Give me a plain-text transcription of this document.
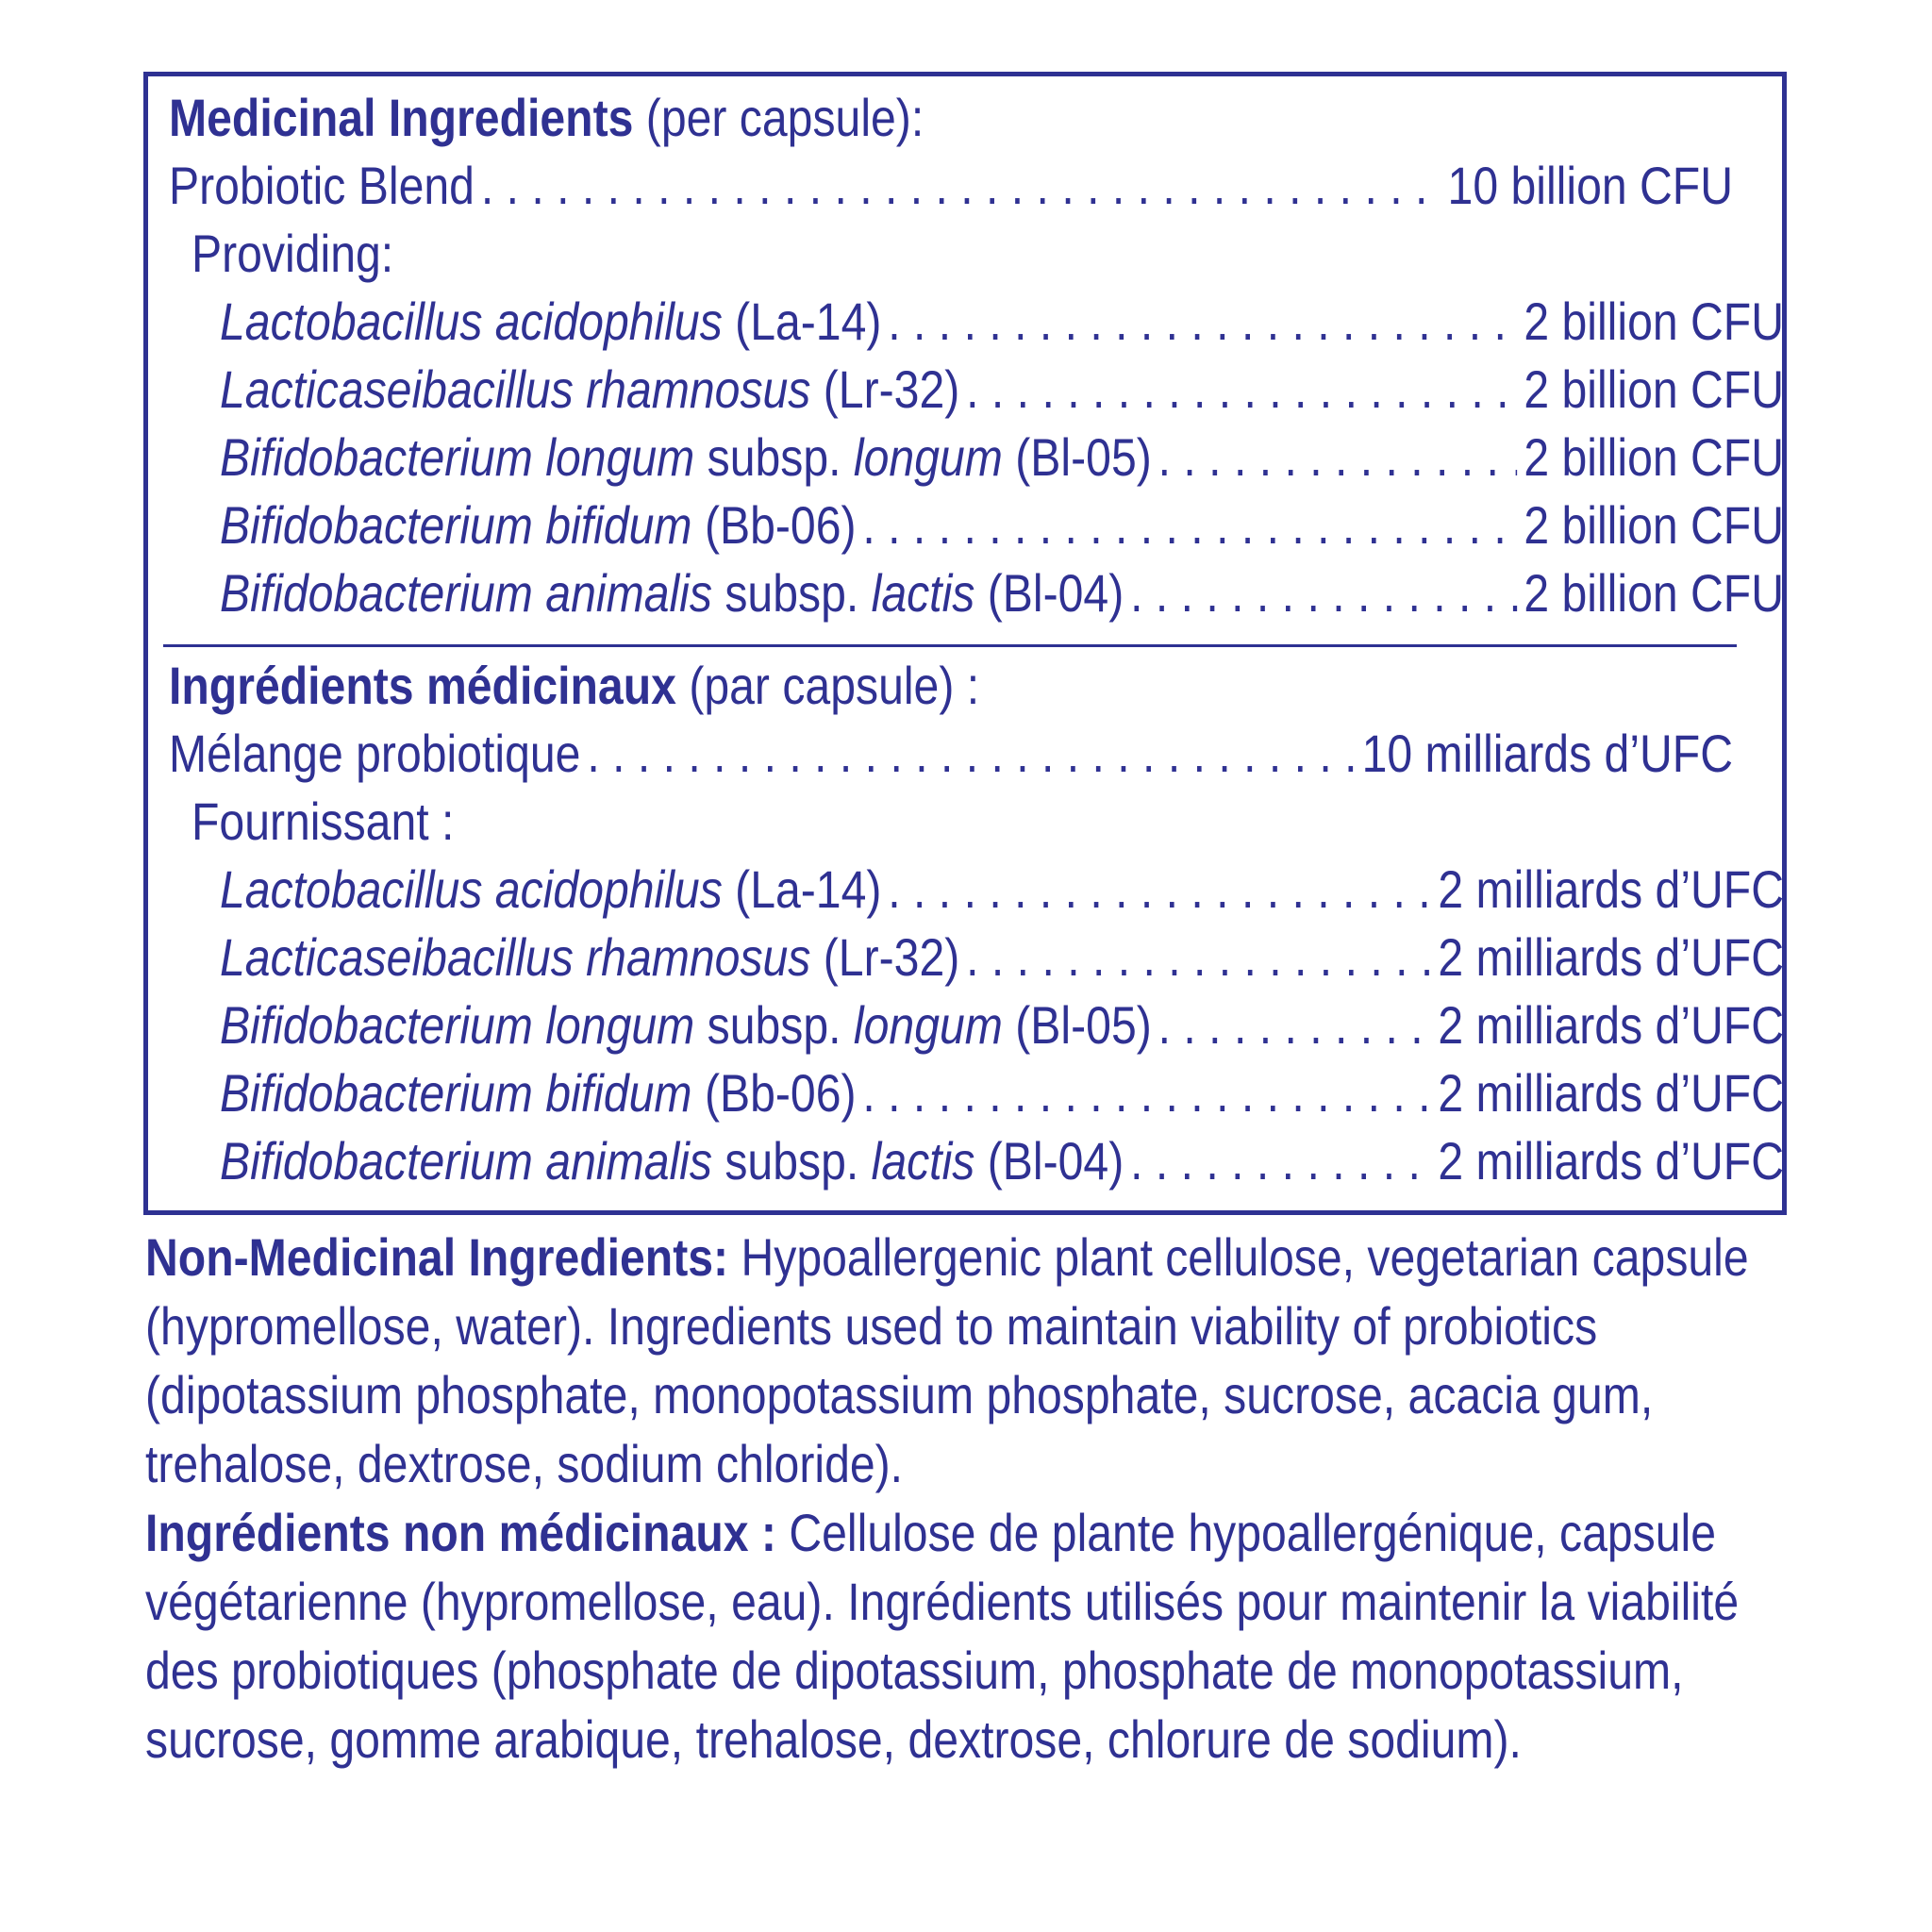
Medicinal Ingredients (per capsule):
Probiotic Blend . . .	10 billion CFU
Providing:
Lactobacillus acidophilus (La-14) . . .	2 billion CFU
Lacticaseibacillus rhamnosus (Lr-32) . . .	2 billion CFU
Bifidobacterium longum subsp. longum (Bl-05) . . .	2 billion CFU
Bifidobacterium bifidum (Bb-06) . . .	2 billion CFU
Bifidobacterium animalis subsp. lactis (Bl-04) . . .	2 billion CFU
Ingrédients médicinaux (par capsule) :
Mélange probiotique . . .	10 milliards d’UFC
Fournissant :
Lactobacillus acidophilus (La-14) . . .	2 milliards d’UFC
Lacticaseibacillus rhamnosus (Lr-32) . . .	2 milliards d’UFC
Bifidobacterium longum subsp. longum (Bl-05) . . .	2 milliards d’UFC
Bifidobacterium bifidum (Bb-06) . . .	2 milliards d’UFC
Bifidobacterium animalis subsp. lactis (Bl-04) . . .	2 milliards d’UFC

Non-Medicinal Ingredients: Hypoallergenic plant cellulose, vegetarian capsule (hypromellose, water). Ingredients used to maintain viability of probiotics (dipotassium phosphate, monopotassium phosphate, sucrose, acacia gum, trehalose, dextrose, sodium chloride).

Ingrédients non médicinaux : Cellulose de plante hypoallergénique, capsule végétarienne (hypromellose, eau). Ingrédients utilisés pour maintenir la viabilité des probiotiques (phosphate de dipotassium, phosphate de monopotassium, sucrose, gomme arabique, trehalose, dextrose, chlorure de sodium).
